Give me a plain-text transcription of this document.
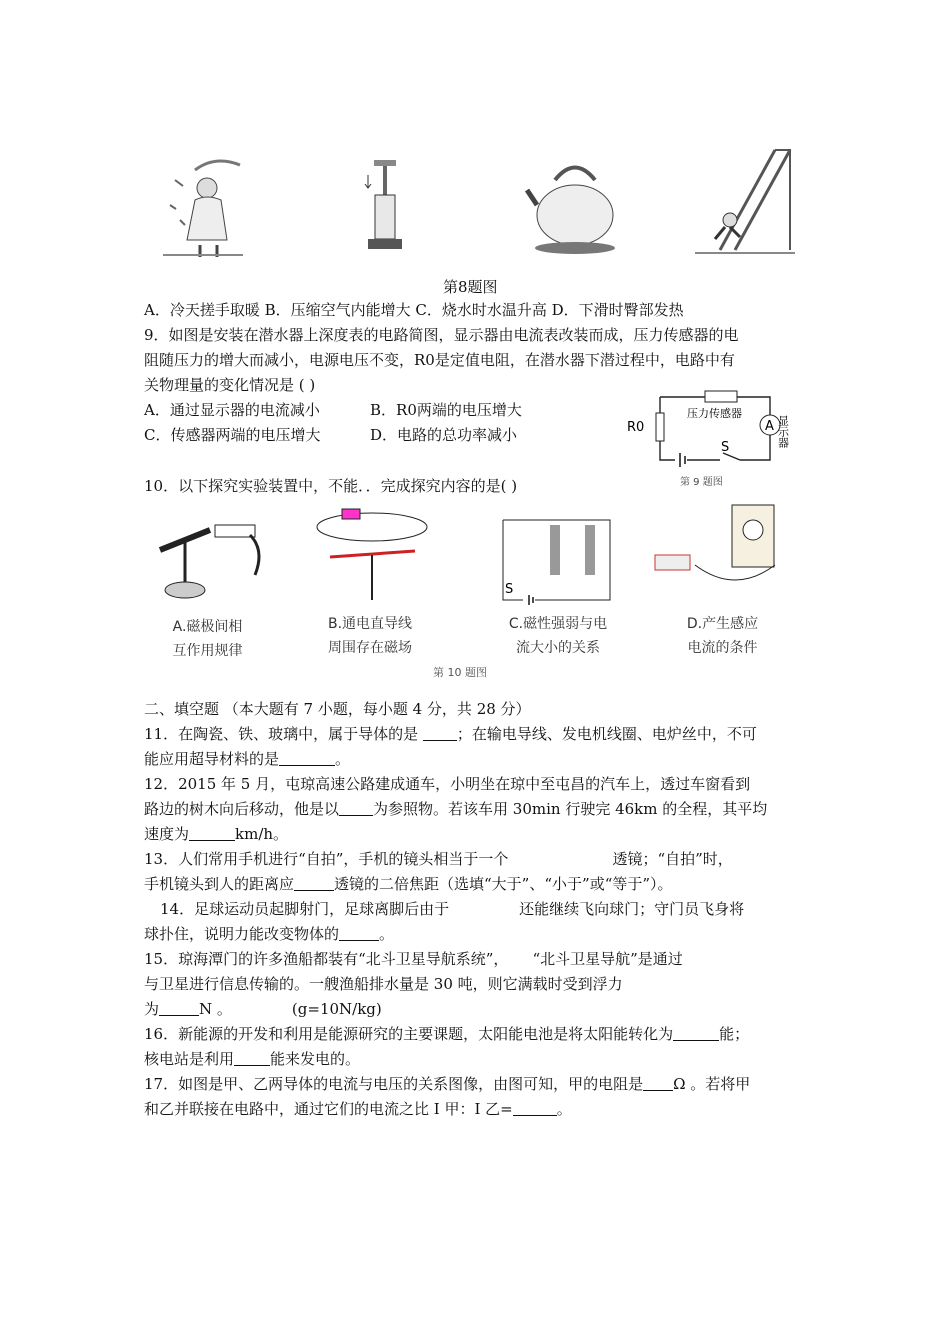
第8题图
A．冷天搓手取暖 B．压缩空气内能增大 C．烧水时水温升高 D．下滑时臀部发热
9．如图是安装在潜水器上深度表的电路简图，显示器由电流表改装而成，压力传感器的电
阻随压力的增大而减小，电源电压不变，R0是定值电阻，在潜水器下潜过程中，电路中有
关物理量的变化情况是 ( )
A．通过显示器的电流减小	B．R0两端的电压增大
C．传感器两端的电压增大	D．电路的总功率减小	A
R0
压力传感器
S	显示器
第 9 题图
10．以下探究实验装置中，不能．．完成探究内容的是( )
S
A.磁极间相
互作用规律
B.通电直导线
周围存在磁场
C.磁性强弱与电
流大小的关系
D.产生感应
电流的条件
第 10 题图
二、填空题 （本大题有 7 小题，每小题 4 分，共 28 分）
11．在陶瓷、铁、玻璃中，属于导体的是 ；在输电导线、发电机线圈、电炉丝中，不可
能应用超导材料的是	。
12．2015 年 5 月，屯琼高速公路建成通车，小明坐在琼中至屯昌的汽车上，透过车窗看到
路边的树木向后移动，他是以 为参照物。若该车用 30min 行驶完 46km 的全程，其平均
速度为	km/h。
13．人们常用手机进行“自拍”，手机的镜头相当于一个	透镜；“自拍”时，
手机镜头到人的距离应	透镜的二倍焦距（选填“大于”、“小于”或“等于”）。
14．足球运动员起脚射门，足球离脚后由于	还能继续飞向球门；守门员飞身将
球扑住，说明力能改变物体的	。
15．琼海潭门的许多渔船都装有“北斗卫星导航系统”， “北斗卫星导航”是通过
与卫星进行信息传输的。一艘渔船排水量是 30 吨，则它满载时受到浮力
为	N 。	(g=10N/kg)
16．新能源的开发和利用是能源研究的主要课题，太阳能电池是将太阳能转化为	能；
核电站是利用 能来发电的。
17．如图是甲、乙两导体的电流与电压的关系图像，由图可知，甲的电阻是 Ω 。若将甲
和乙并联接在电路中，通过它们的电流之比 I 甲：I 乙=	。
